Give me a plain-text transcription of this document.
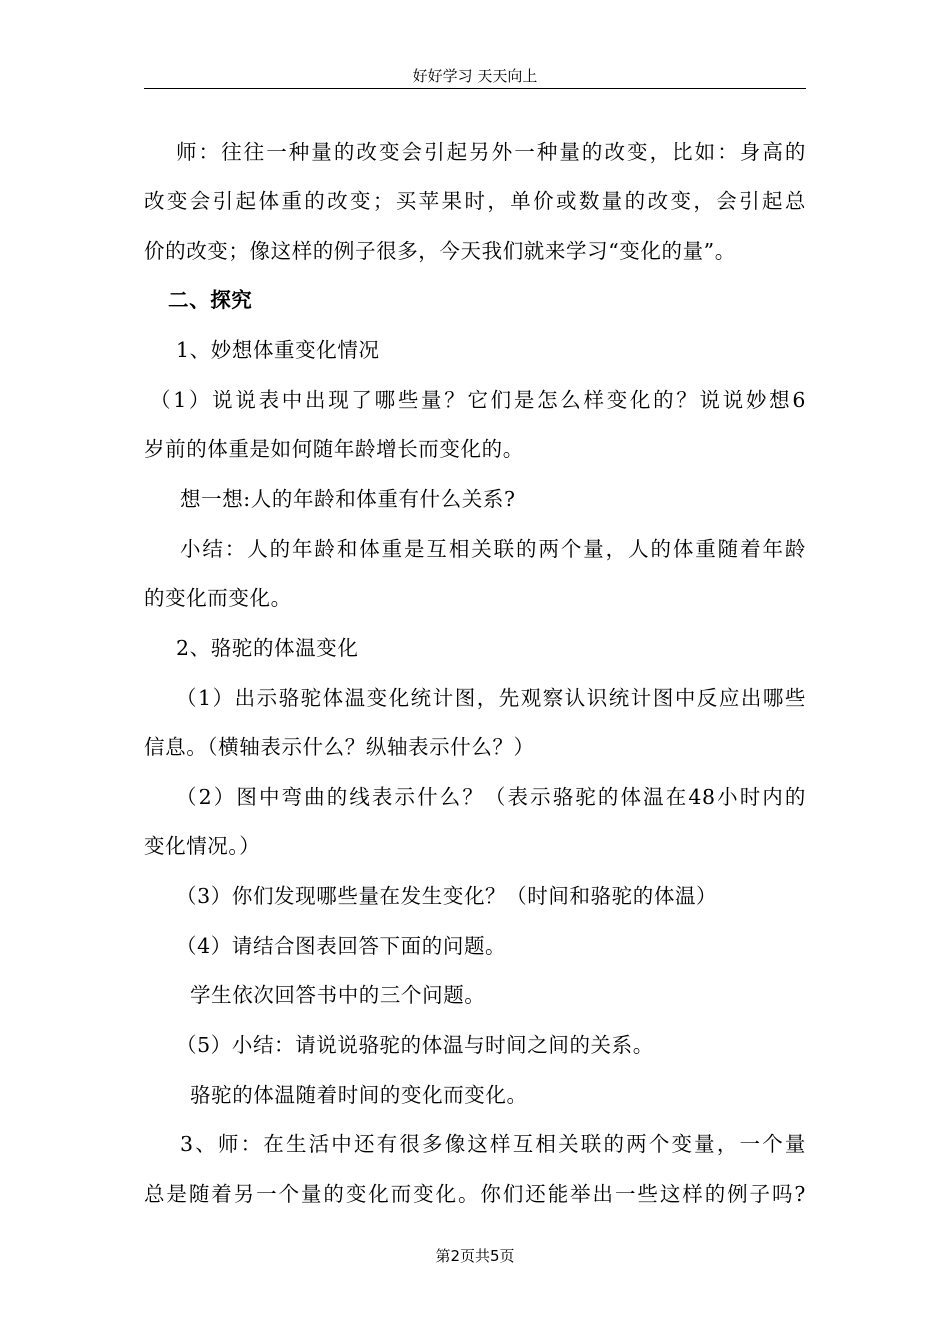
好好学习 天天向上
师：往往一种量的改变会引起另外一种量的改变，比如：身高的
改变会引起体重的改变；买苹果时，单价或数量的改变，会引起总
价的改变；像这样的例子很多，今天我们就来学习“变化的量”。
二、探究
1、妙想体重变化情况
（1）说说表中出现了哪些量？它们是怎么样变化的？说说妙想6
岁前的体重是如何随年龄增长而变化的。
想一想:人的年龄和体重有什么关系?
小结：人的年龄和体重是互相关联的两个量，人的体重随着年龄
的变化而变化。
2、骆驼的体温变化
（1）出示骆驼体温变化统计图，先观察认识统计图中反应出哪些
信息。（横轴表示什么？纵轴表示什么？）
（2）图中弯曲的线表示什么？（表示骆驼的体温在48小时内的
变化情况。）
（3）你们发现哪些量在发生变化？（时间和骆驼的体温）
（4）请结合图表回答下面的问题。
学生依次回答书中的三个问题。
（5）小结：请说说骆驼的体温与时间之间的关系。
骆驼的体温随着时间的变化而变化。
3、师：在生活中还有很多像这样互相关联的两个变量，一个量
总是随着另一个量的变化而变化。你们还能举出一些这样的例子吗?
第2页共5页
